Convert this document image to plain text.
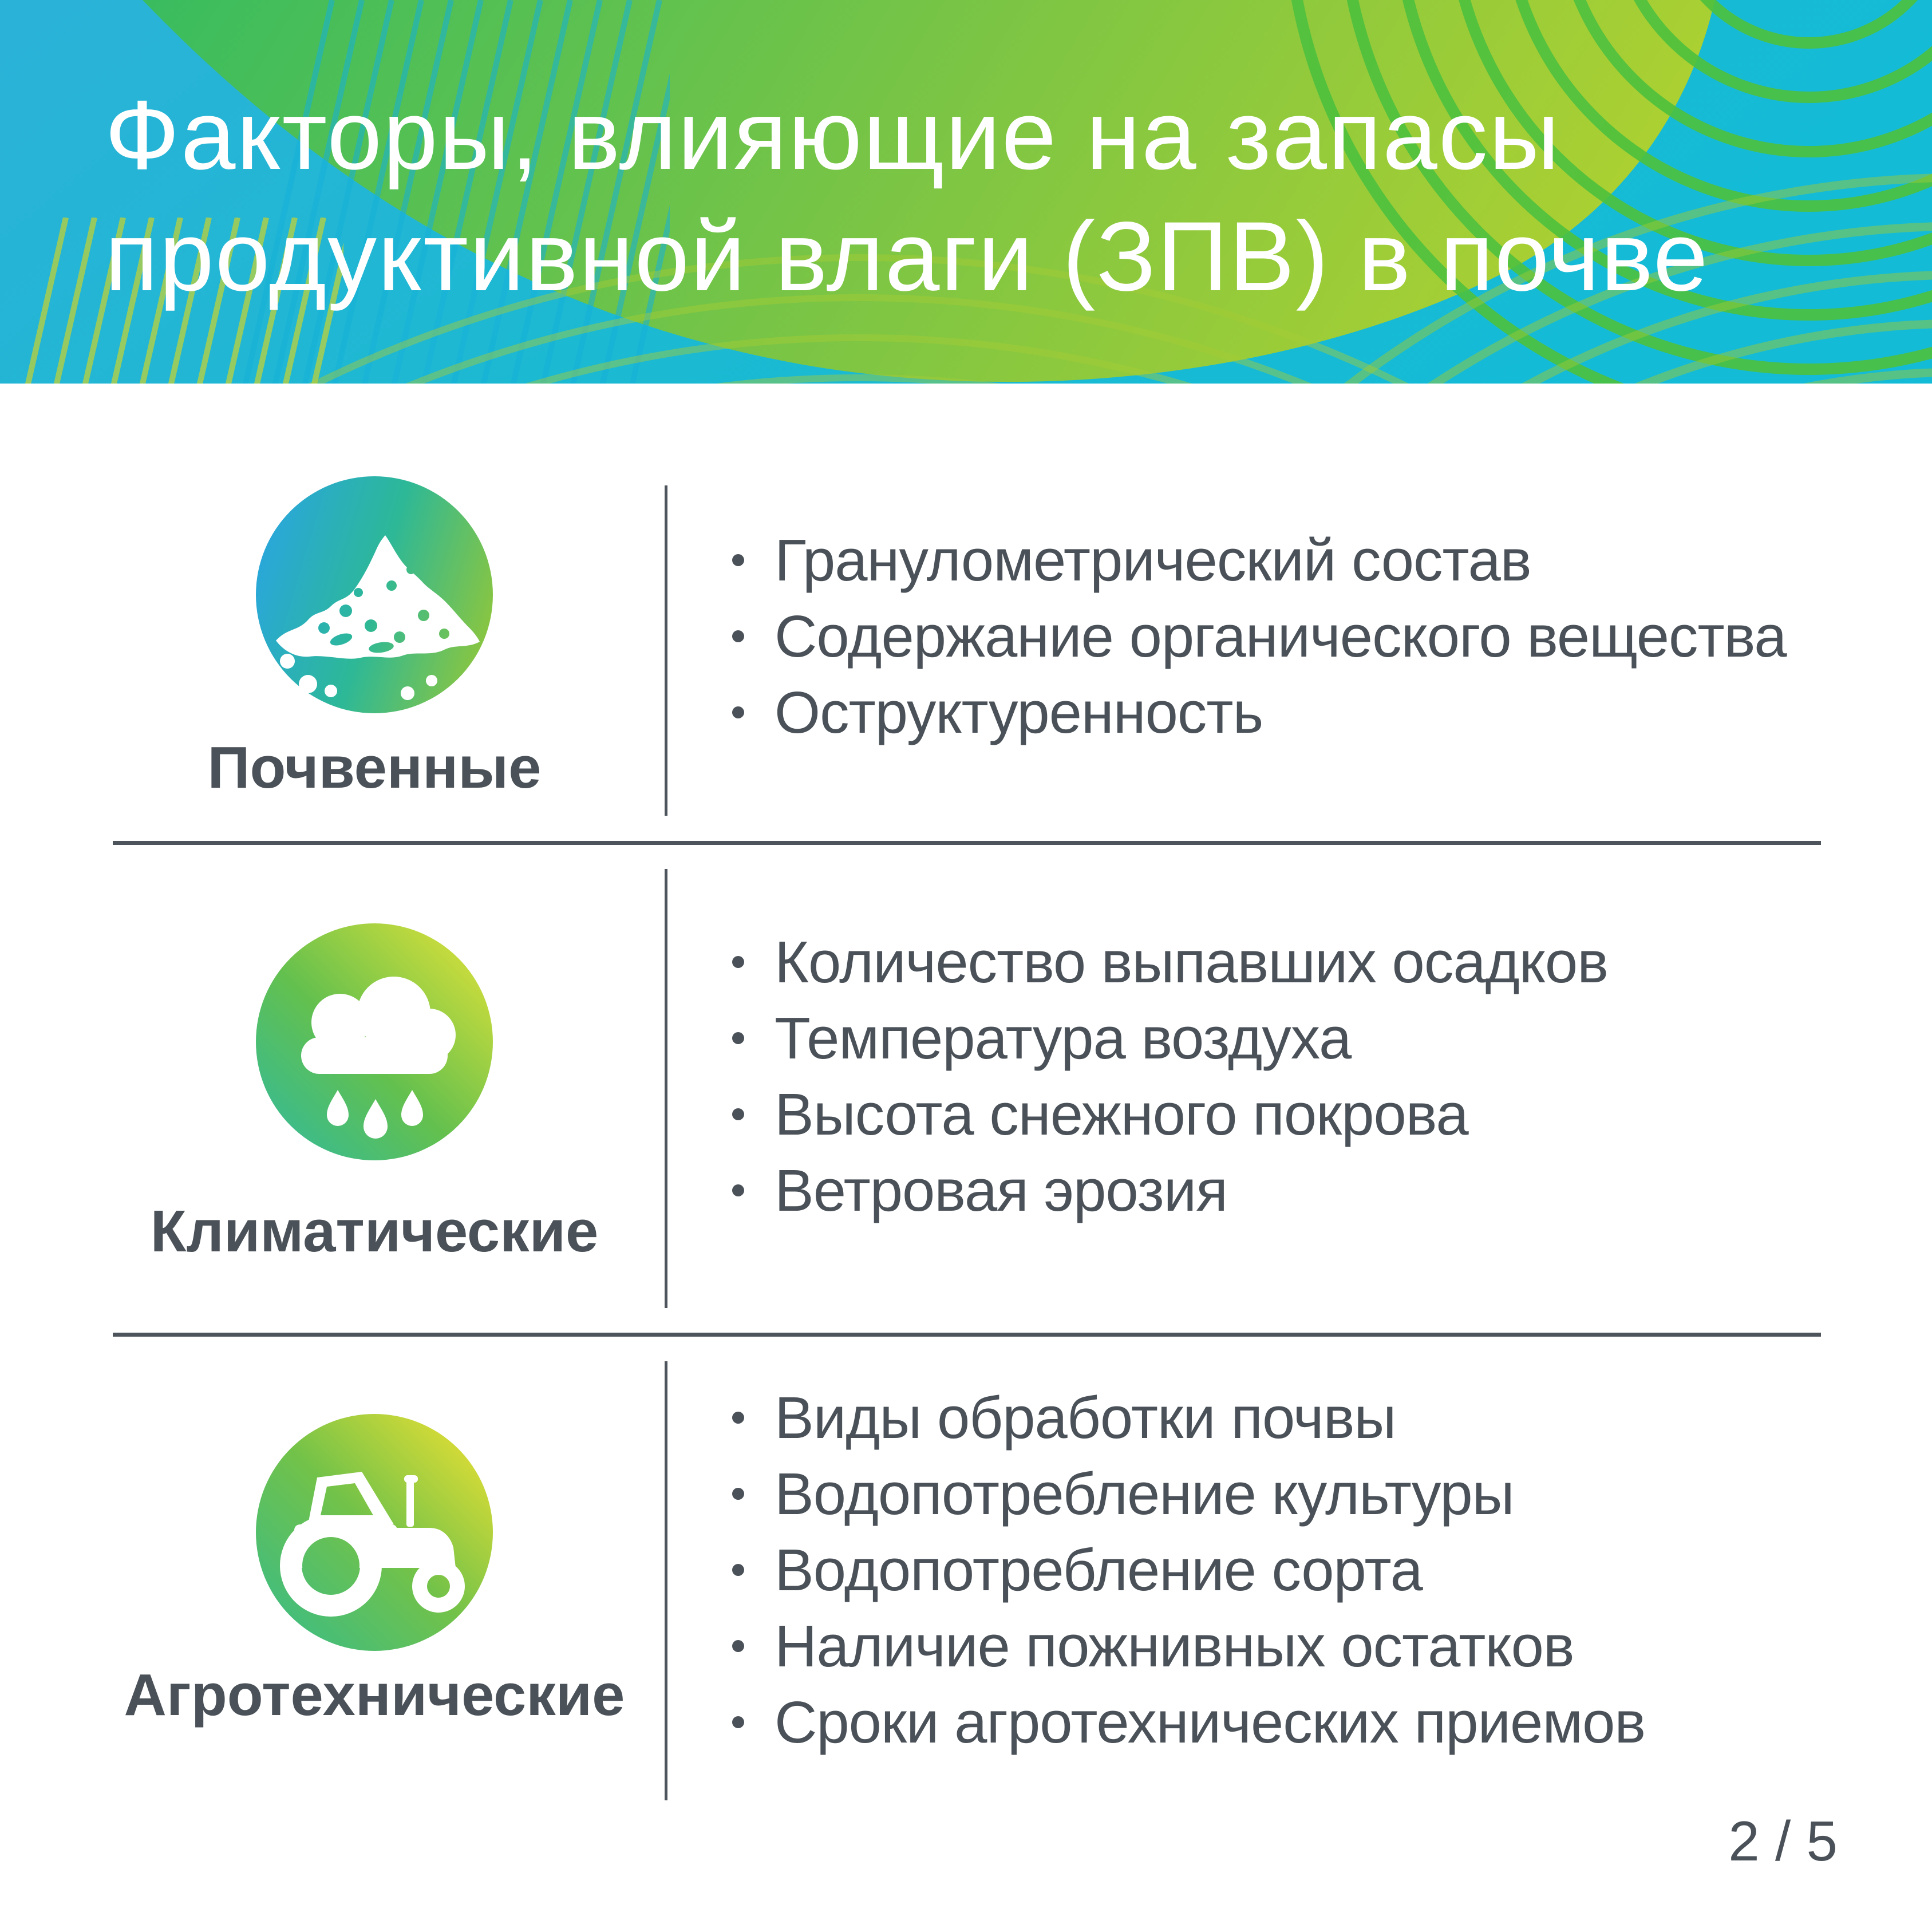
Факторы, влияющие на запасы
продуктивной влаги (ЗПВ) в почве
Почвенные
Гранулометрический состав
Содержание органического вещества
Оструктуренность
Климатические
Количество выпавших осадков
Температура воздуха
Высота снежного покрова
Ветровая эрозия
Агротехнические
Виды обработки почвы
Водопотребление культуры
Водопотребление сорта
Наличие пожнивных остатков
Сроки агротехнических приемов
2 / 5
